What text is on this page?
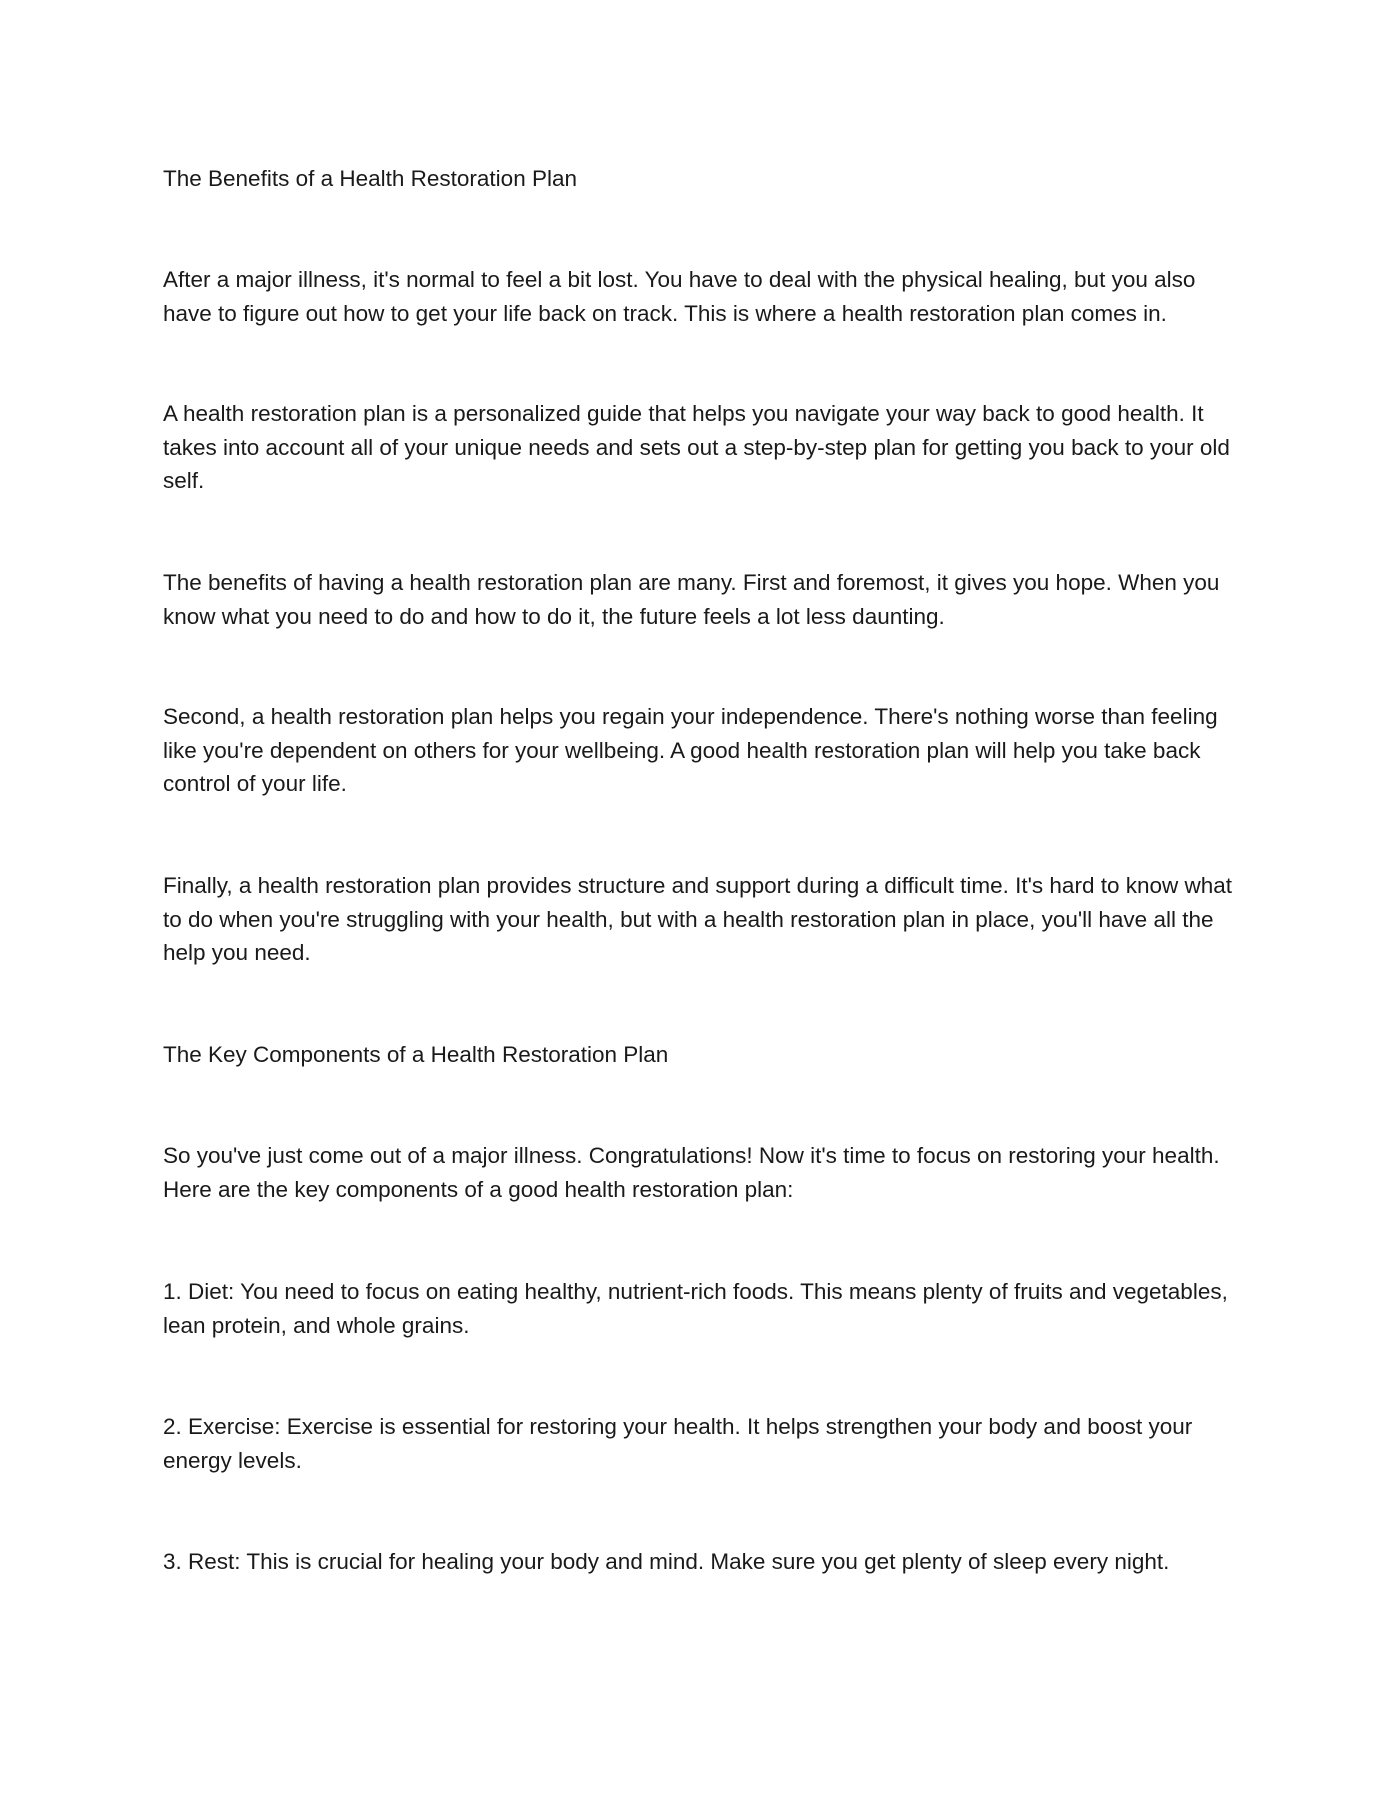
The Benefits of a Health Restoration Plan

After a major illness, it's normal to feel a bit lost. You have to deal with the physical healing, but you also have to figure out how to get your life back on track. This is where a health restoration plan comes in.

A health restoration plan is a personalized guide that helps you navigate your way back to good health. It takes into account all of your unique needs and sets out a step-by-step plan for getting you back to your old self.

The benefits of having a health restoration plan are many. First and foremost, it gives you hope. When you know what you need to do and how to do it, the future feels a lot less daunting.

Second, a health restoration plan helps you regain your independence. There's nothing worse than feeling like you're dependent on others for your wellbeing. A good health restoration plan will help you take back control of your life.

Finally, a health restoration plan provides structure and support during a difficult time. It's hard to know what to do when you're struggling with your health, but with a health restoration plan in place, you'll have all the help you need.

The Key Components of a Health Restoration Plan

So you've just come out of a major illness. Congratulations! Now it's time to focus on restoring your health. Here are the key components of a good health restoration plan:

1. Diet: You need to focus on eating healthy, nutrient-rich foods. This means plenty of fruits and vegetables, lean protein, and whole grains.

2. Exercise: Exercise is essential for restoring your health. It helps strengthen your body and boost your energy levels.

3. Rest: This is crucial for healing your body and mind. Make sure you get plenty of sleep every night.
